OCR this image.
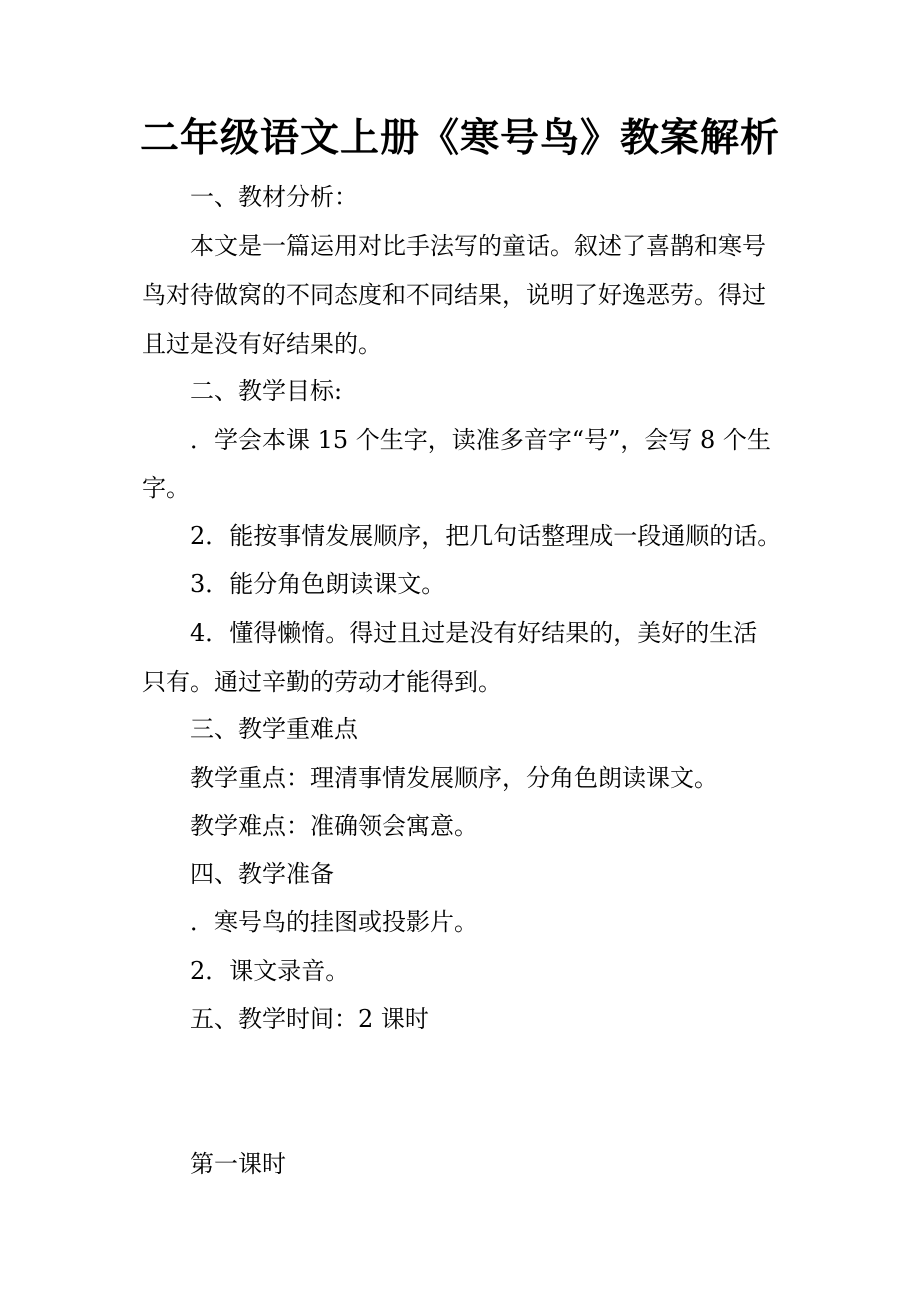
二年级语文上册《寒号鸟》教案解析

一、教材分析：

本文是一篇运用对比手法写的童话。叙述了喜鹊和寒号

鸟对待做窝的不同态度和不同结果，说明了好逸恶劳。得过

且过是没有好结果的。

二、教学目标:

．学会本课 15 个生字，读准多音字“号”，会写 8 个生

字。

2．能按事情发展顺序，把几句话整理成一段通顺的话。

3．能分角色朗读课文。

4．懂得懒惰。得过且过是没有好结果的，美好的生活

只有。通过辛勤的劳动才能得到。

三、教学重难点

教学重点：理清事情发展顺序，分角色朗读课文。

教学难点：准确领会寓意。

四、教学准备

．寒号鸟的挂图或投影片。

2．课文录音。

五、教学时间：2 课时

第一课时
